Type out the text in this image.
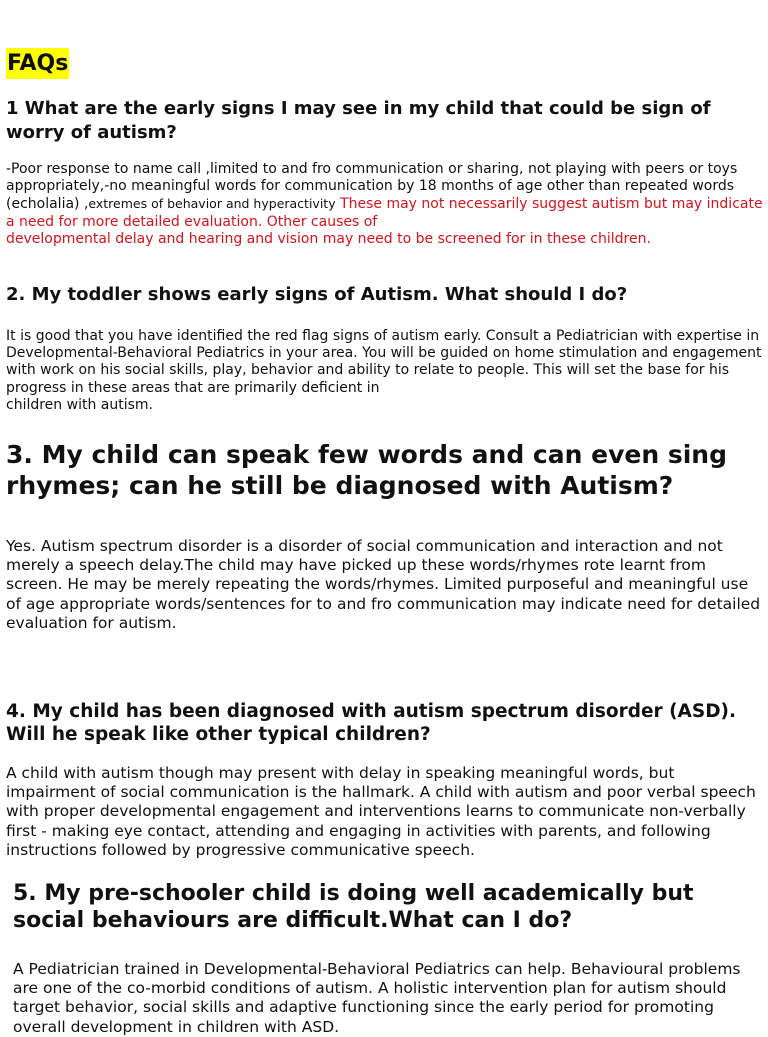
FAQs
1 What are the early signs I may see in my child that could be sign of worry of autism?

-Poor response to name call ,limited to and fro communication or sharing, not playing with peers or toys appropriately,-no meaningful words for communication by 18 months of age other than repeated words (echolalia) ,extremes of behavior and hyperactivity These may not necessarily suggest autism but may indicate a need for more detailed evaluation. Other causes of
developmental delay and hearing and vision may need to be screened for in these children.

2. My toddler shows early signs of Autism. What should I do?

It is good that you have identified the red flag signs of autism early. Consult a Pediatrician with expertise in Developmental-Behavioral Pediatrics in your area. You will be guided on home stimulation and engagement with work on his social skills, play, behavior and ability to relate to people. This will set the base for his progress in these areas that are primarily deficient in
children with autism.

3. My child can speak few words and can even sing rhymes; can he still be diagnosed with Autism?

Yes. Autism spectrum disorder is a disorder of social communication and interaction and not merely a speech delay.The child may have picked up these words/rhymes rote learnt from screen. He may be merely repeating the words/rhymes. Limited purposeful and meaningful use of age appropriate words/sentences for to and fro communication may indicate need for detailed
evaluation for autism.

4. My child has been diagnosed with autism spectrum disorder (ASD). Will he speak like other typical children?

A child with autism though may present with delay in speaking meaningful words, but impairment of social communication is the hallmark. A child with autism and poor verbal speech with proper developmental engagement and interventions learns to communicate non-verbally first - making eye contact, attending and engaging in activities with parents, and following
instructions followed by progressive communicative speech.

5. My pre-schooler child is doing well academically but social behaviours are difficult.What can I do?

A Pediatrician trained in Developmental-Behavioral Pediatrics can help. Behavioural problems are one of the co-morbid conditions of autism. A holistic intervention plan for autism should target behavior, social skills and adaptive functioning since the early period for promoting overall development in children with ASD.
